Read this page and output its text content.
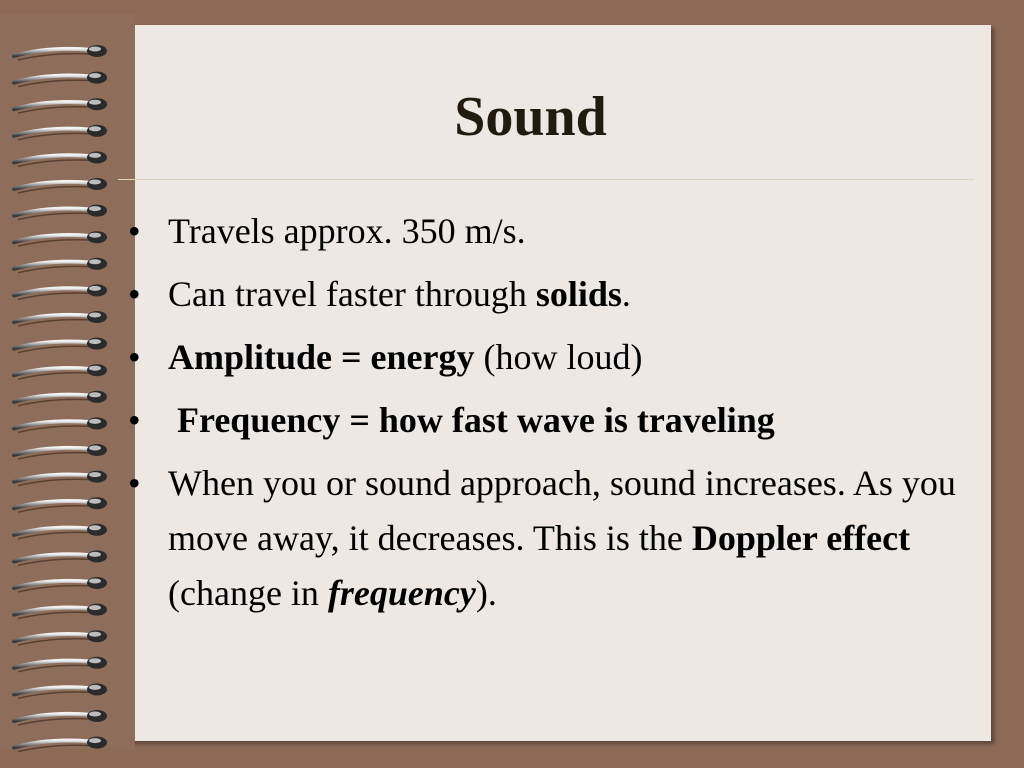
Sound
• Travels approx. 350 m/s.
• Can travel faster through solids.
• Amplitude = energy (how loud)
• Frequency = how fast wave is traveling
• When you or sound approach, sound increases. As you move away, it decreases. This is the Doppler effect (change in frequency).
